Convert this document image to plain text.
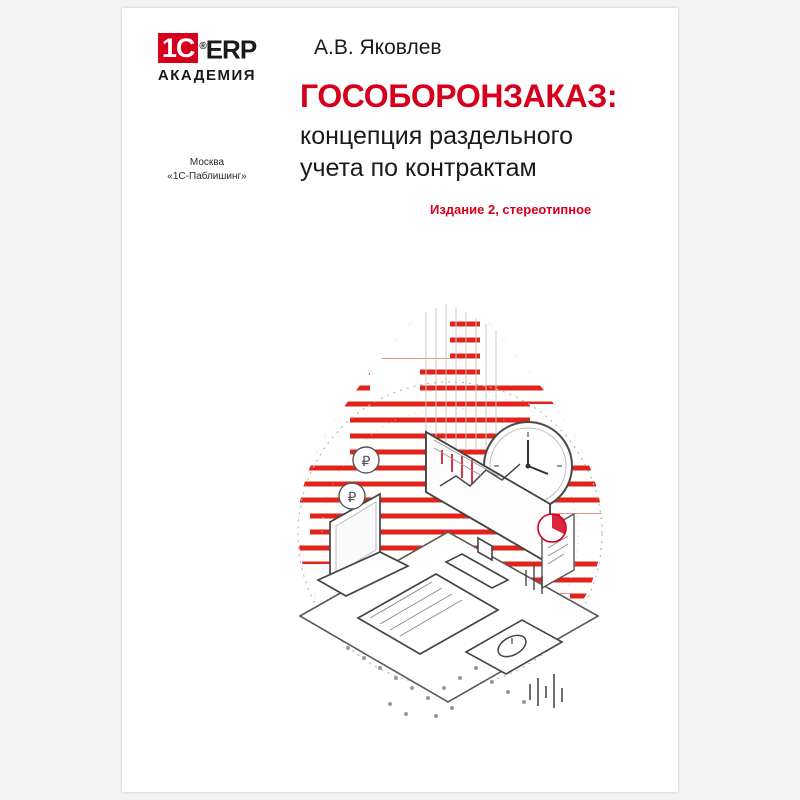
1C ®ERP
АКАДЕМИЯ
Москва
«1С-Паблишинг»
А.В. Яковлев
ГОСОБОРОНЗАКАЗ:
концепция раздельного
учета по контрактам
Издание 2, стереотипное
₽
₽
